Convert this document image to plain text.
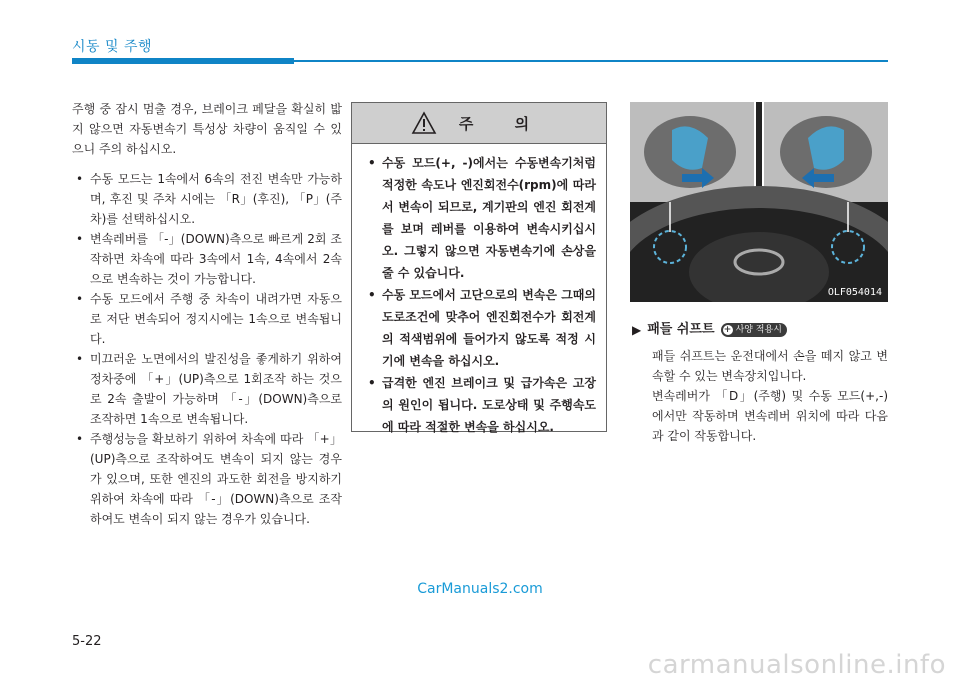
시동 및 주행

주행 중 잠시 멈출 경우, 브레이크 페달을 확실히 밟지 않으면 자동변속기 특성상 차량이 움직일 수 있으니 주의 하십시오.

• 수동 모드는 1속에서 6속의 전진 변속만 가능하며, 후진 및 주차 시에는 「R」(후진), 「P」(주차)를 선택하십시오.
• 변속레버를 「-」(DOWN)측으로 빠르게 2회 조작하면 차속에 따라 3속에서 1속, 4속에서 2속으로 변속하는 것이 가능합니다.
• 수동 모드에서 주행 중 차속이 내려가면 자동으로 저단 변속되어 정지시에는 1속으로 변속됩니다.
• 미끄러운 노면에서의 발진성을 좋게하기 위하여 정차중에 「+」(UP)측으로 1회조작 하는 것으로 2속 출발이 가능하며 「-」(DOWN)측으로 조작하면 1속으로 변속됩니다.
• 주행성능을 확보하기 위하여 차속에 따라 「+」(UP)측으로 조작하여도 변속이 되지 않는 경우가 있으며, 또한 엔진의 과도한 회전을 방지하기 위하여 차속에 따라 「-」(DOWN)측으로 조작하여도 변속이 되지 않는 경우가 있습니다.
주 의
• 수동 모드(+, -)에서는 수동변속기처럼 적정한 속도나 엔진회전수(rpm)에 따라서 변속이 되므로, 계기판의 엔진 회전계를 보며 레버를 이용하여 변속시키십시오. 그렇지 않으면 자동변속기에 손상을 줄 수 있습니다.
• 수동 모드에서 고단으로의 변속은 그때의 도로조건에 맞추어 엔진회전수가 회전계의 적색범위에 들어가지 않도록 적정 시기에 변속을 하십시오.
• 급격한 엔진 브레이크 및 급가속은 고장의 원인이 됩니다. 도로상태 및 주행속도에 따라 적절한 변속을 하십시오.
OLF054014
▶ 패들 쉬프트 + 사양 적용시

패들 쉬프트는 운전대에서 손을 떼지 않고 변속할 수 있는 변속장치입니다.

변속레버가 「D」(주행) 및 수동 모드(+,-)에서만 작동하며 변속레버 위치에 따라 다음과 같이 작동합니다.

CarManuals2.com
5-22
carmanualsonline.info
